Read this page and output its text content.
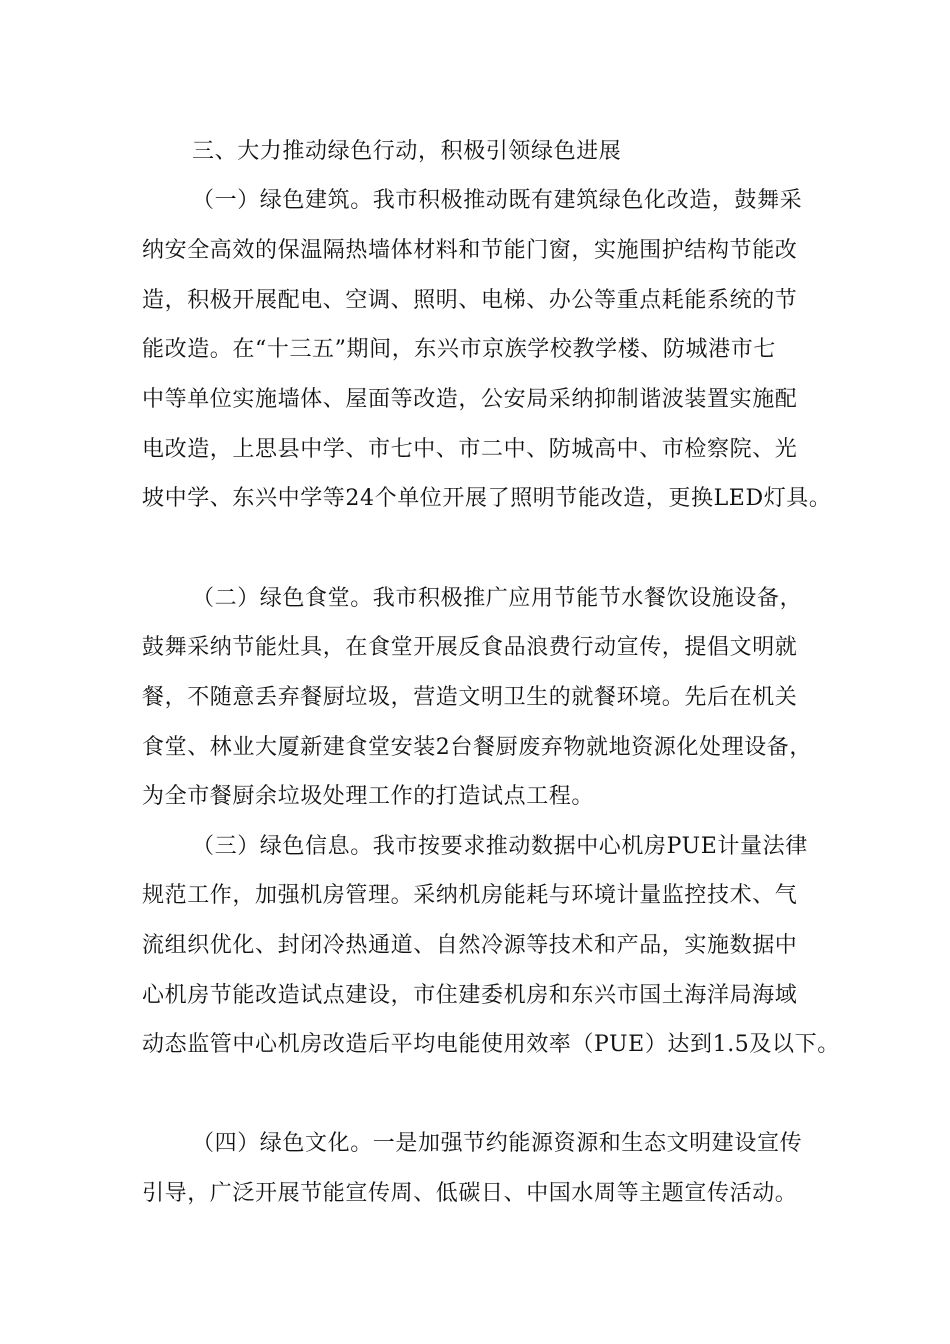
三、大力推动绿色行动，积极引领绿色进展
（一）绿色建筑。我市积极推动既有建筑绿色化改造，鼓舞采
纳安全高效的保温隔热墙体材料和节能门窗，实施围护结构节能改
造，积极开展配电、空调、照明、电梯、办公等重点耗能系统的节
能改造。在“十三五”期间，东兴市京族学校教学楼、防城港市七
中等单位实施墙体、屋面等改造，公安局采纳抑制谐波装置实施配
电改造，上思县中学、市七中、市二中、防城高中、市检察院、光
坡中学、东兴中学等24个单位开展了照明节能改造，更换LED灯具。
（二）绿色食堂。我市积极推广应用节能节水餐饮设施设备，
鼓舞采纳节能灶具，在食堂开展反食品浪费行动宣传，提倡文明就
餐，不随意丢弃餐厨垃圾，营造文明卫生的就餐环境。先后在机关
食堂、林业大厦新建食堂安装2台餐厨废弃物就地资源化处理设备，
为全市餐厨余垃圾处理工作的打造试点工程。
（三）绿色信息。我市按要求推动数据中心机房PUE计量法律
规范工作，加强机房管理。采纳机房能耗与环境计量监控技术、气
流组织优化、封闭冷热通道、自然冷源等技术和产品，实施数据中
心机房节能改造试点建设，市住建委机房和东兴市国土海洋局海域
动态监管中心机房改造后平均电能使用效率（PUE）达到1.5及以下。
（四）绿色文化。一是加强节约能源资源和生态文明建设宣传
引导，广泛开展节能宣传周、低碳日、中国水周等主题宣传活动。
